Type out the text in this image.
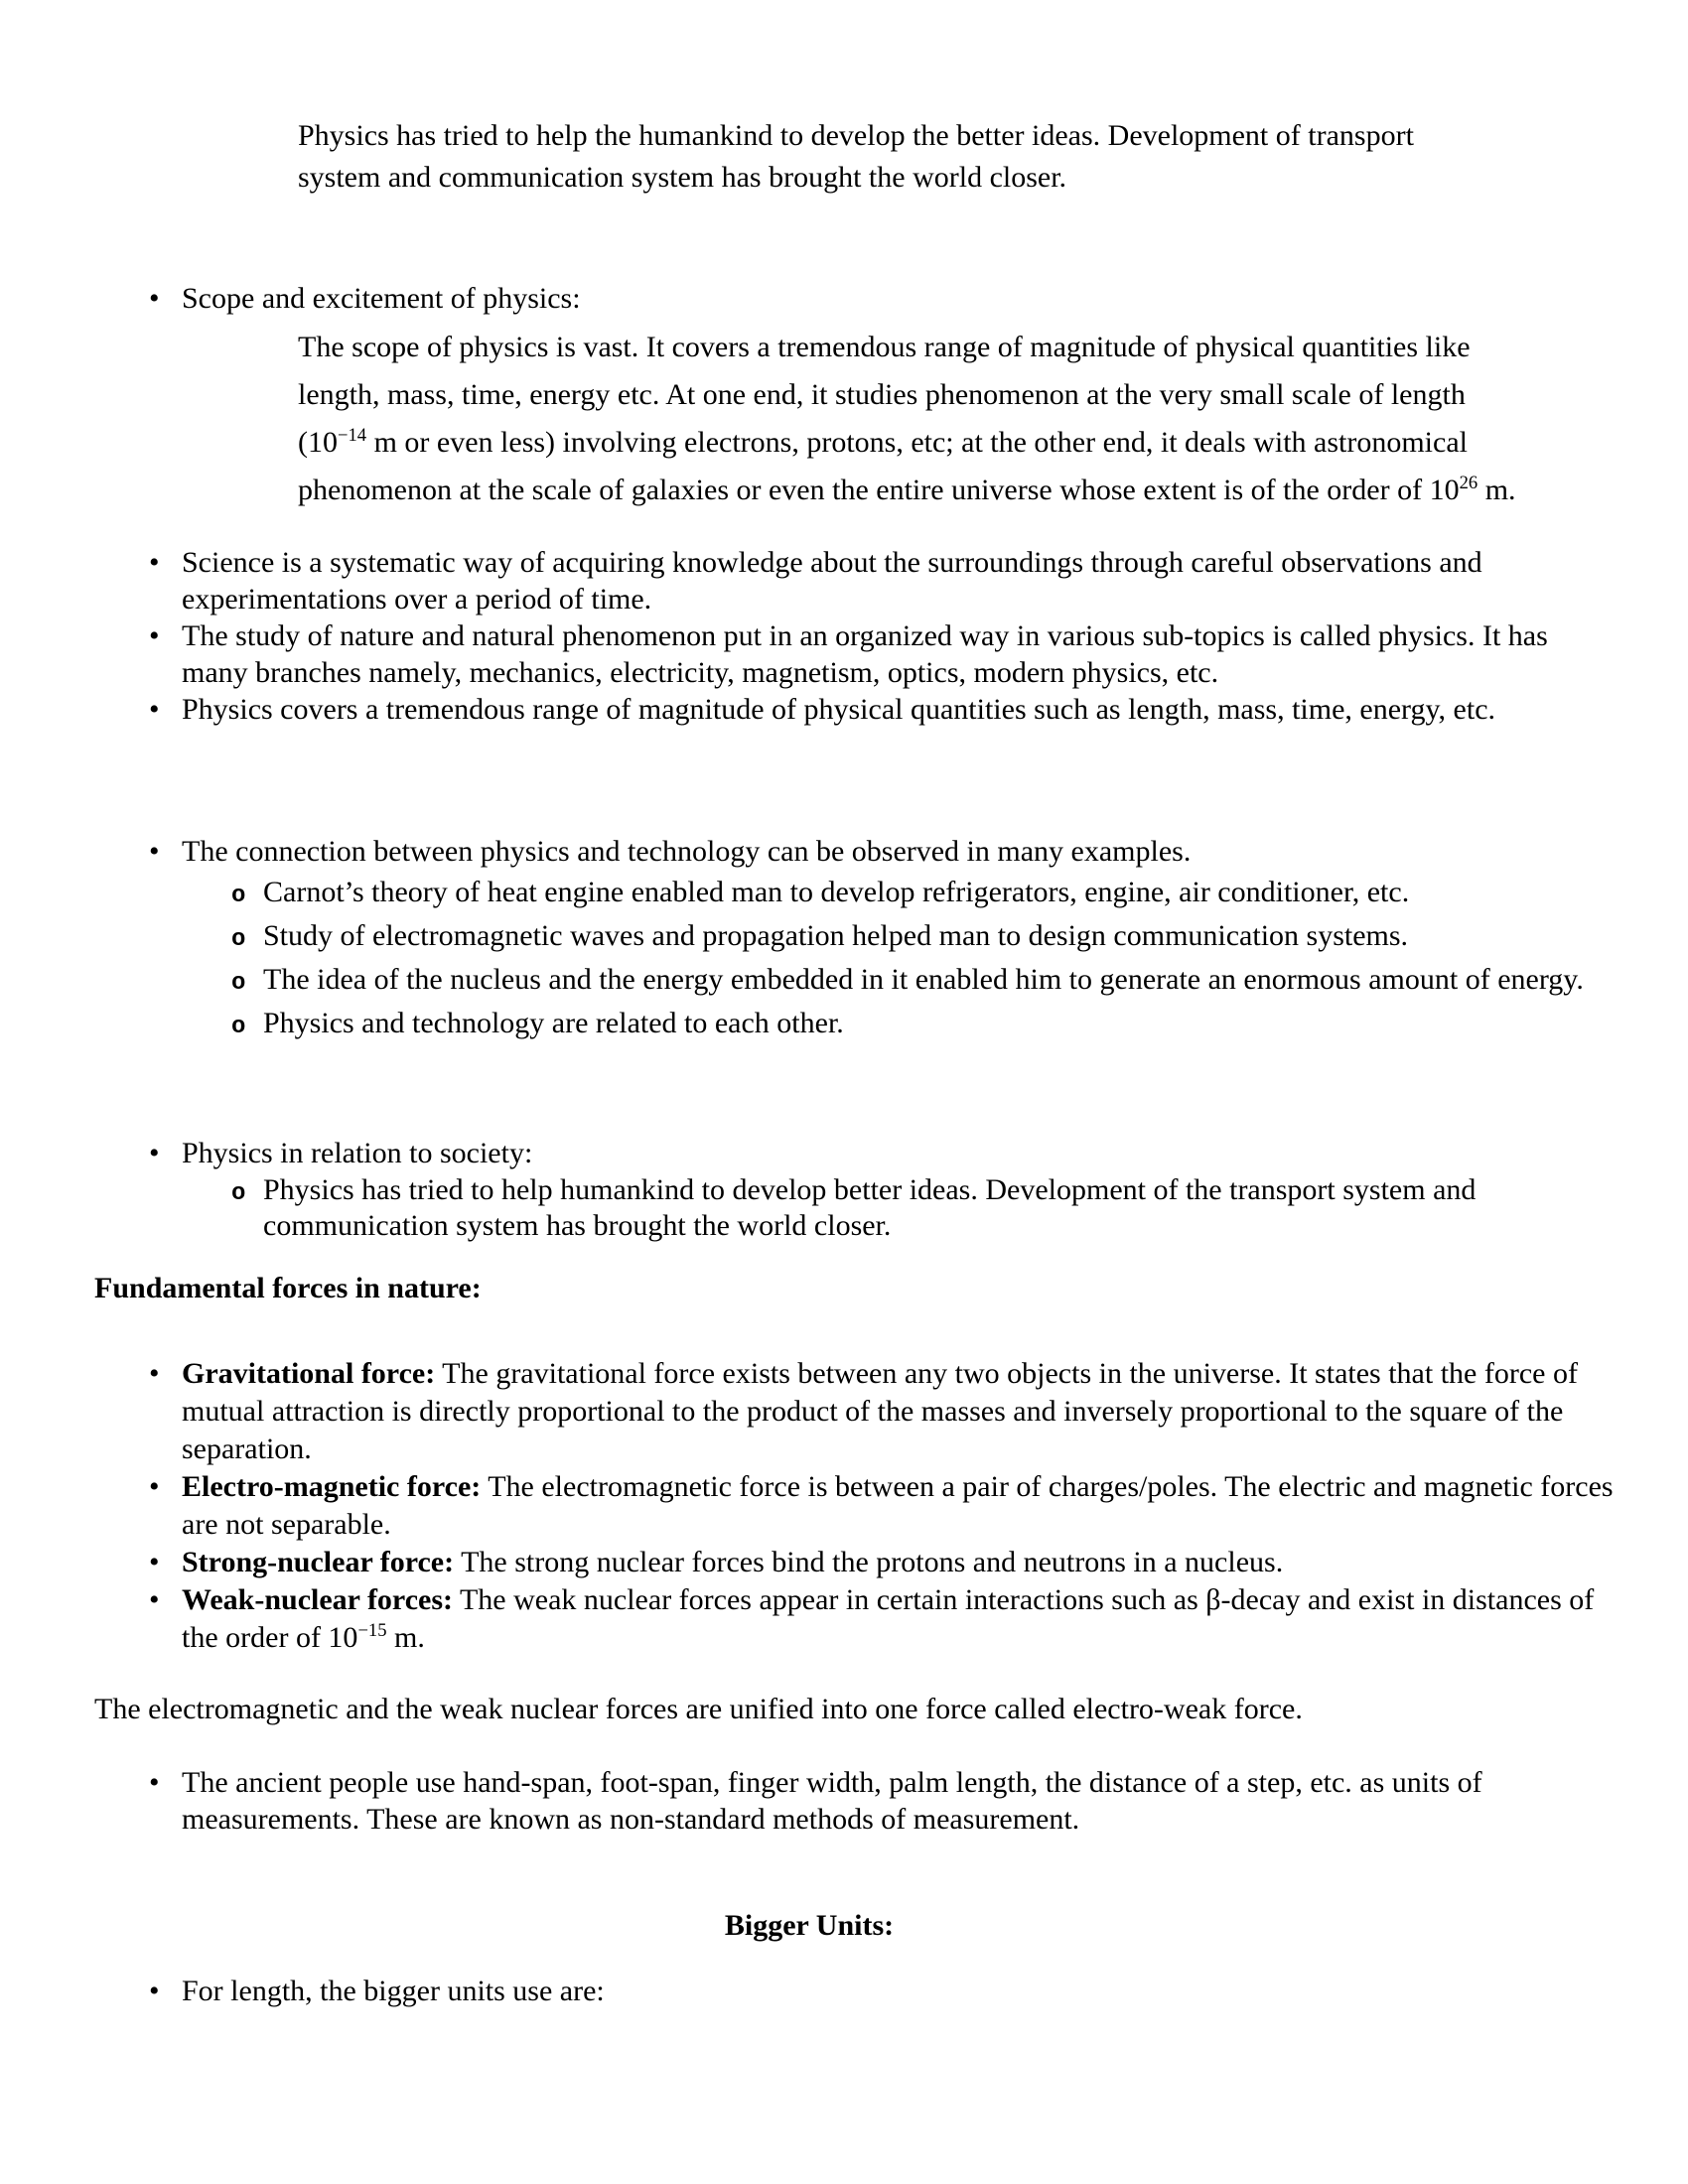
Physics has tried to help the humankind to develop the better ideas. Development of transport system and communication system has brought the world closer.

• Scope and excitement of physics:

The scope of physics is vast. It covers a tremendous range of magnitude of physical quantities like length, mass, time, energy etc. At one end, it studies phenomenon at the very small scale of length ($10^{-14}$ m or even less) involving electrons, protons, etc; at the other end, it deals with astronomical phenomenon at the scale of galaxies or even the entire universe whose extent is of the order of $10^{26}$ m.

• Science is a systematic way of acquiring knowledge about the surroundings through careful observations and experimentations over a period of time.
• The study of nature and natural phenomenon put in an organized way in various sub-topics is called physics. It has many branches namely, mechanics, electricity, magnetism, optics, modern physics, etc.
• Physics covers a tremendous range of magnitude of physical quantities such as length, mass, time, energy, etc.
• The connection between physics and technology can be observed in many examples.
o Carnot’s theory of heat engine enabled man to develop refrigerators, engine, air conditioner, etc.
o Study of electromagnetic waves and propagation helped man to design communication systems.
o The idea of the nucleus and the energy embedded in it enabled him to generate an enormous amount of energy.
o Physics and technology are related to each other.
• Physics in relation to society:
o Physics has tried to help humankind to develop better ideas. Development of the transport system and communication system has brought the world closer.
Fundamental forces in nature:
• Gravitational force: The gravitational force exists between any two objects in the universe. It states that the force of mutual attraction is directly proportional to the product of the masses and inversely proportional to the square of the separation.
• Electro-magnetic force: The electromagnetic force is between a pair of charges/poles. The electric and magnetic forces are not separable.
• Strong-nuclear force: The strong nuclear forces bind the protons and neutrons in a nucleus.
• Weak-nuclear forces: The weak nuclear forces appear in certain interactions such as β-decay and exist in distances of the order of $10^{-15}$ m.

The electromagnetic and the weak nuclear forces are unified into one force called electro-weak force.

• The ancient people use hand-span, foot-span, finger width, palm length, the distance of a step, etc. as units of measurements. These are known as non-standard methods of measurement.
Bigger Units:
• For length, the bigger units use are:
